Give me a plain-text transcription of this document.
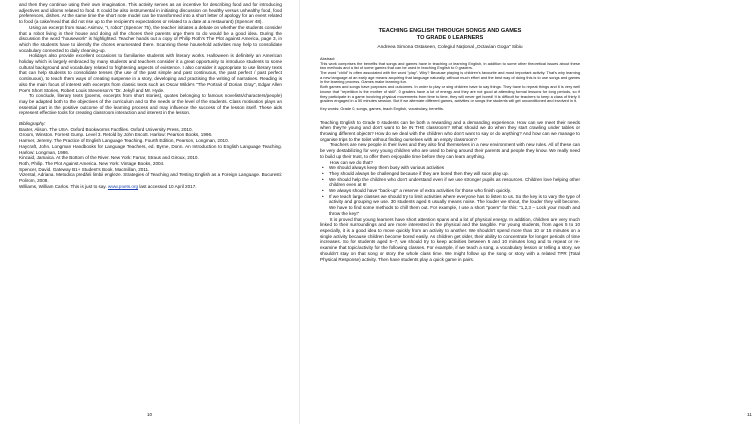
and then they continue using their own imagination. This activity serves as an incentive for describing food and for introducing adjectives and idioms related to food. It could be also instrumental in initiating discussion on healthy versus unhealthy food, food preferences, dishes. At the same time the short note model can be transformed into a short letter of apology for an event related to food (a cake/meal that did not rise up to the recipient's expectations or related to a date at a restaurant) (Spencer 48).

Using an excerpt from Isaac Asimov, "I, robot" (Spencer 75), the teacher initiates a debate on whether the students consider that a robot living in their house and doing all the chores their parents urge them to do would be a good idea. During the discussion the word "housework" is highlighted. Teacher hands out a copy of Philip Roth's The Plot against America, page 3, in which the students have to identify the chores enumerated there. Scanning these household activities may help to consolidate vocabulary connected to daily cleaning-up.

Holidays also provide excellent occasions to familiarise students with literary works. Halloween is definitely an American holiday which is largely embraced by many students and teachers consider it a great opportunity to introduce students to some cultural background and vocabulary related to frightening aspects of existence. I also consider it appropriate to use literary texts that can help students to consolidate tenses (the use of the past simple and past continuous, the past perfect / past perfect continuous), to teach them ways of creating suspense in a story, developing and practising the writing of narratives. Reading is also the main focus of interest with excerpts from classic texts such as Oscar Wilde's "The Portrait of Dorian Gray", Edgar Allen Poe's Short Stories, Robert Louis Stevenson's "Dr. Jekyll and Mr. Hyde.

To conclude, literary texts (poems, excerpts from short stories), quotes belonging to famous novelists/characters/people) may be adapted both to the objectives of the curriculum and to the needs or the level of the students. Class motivation plays an essential part in the positive outcome of the learning process and may influence the success of the lesson itself. These aids represent effective tools for creating classroom interaction and interest in the lesson.

Bibliography:

Baxter, Alison. The USA. Oxford Bookworms Factfiles. Oxford University Press, 2010.

Groom, Winston. Forrest Gump. Level 3. Retold by John Escott. Harlow: Pearson Books, 1996.

Harmer, Jeremy. The Practice of English Language Teaching. Fourth Edition, Pearson, Longman, 2010.

Haycraft, John. Longman Handbooks for Language Teachers, ed. Byrne, Donn. An Introduction to English Language Teaching. Harlow: Longman, 1986.

Kincaid, Jamaica. At the Bottom of the River. New York: Farrar, Straus and Giroux, 2010.

Roth, Philip. The Plot Against America. New York: Vintage Books, 2004.

Spencer, David. Gateway B1+ Student's Book. Macmillan, 2011.

Vizental, Adriana. Metodica predării limbii engleze. Strategies of Teaching and Testing English as a Foreign Language. Bucuresti: Polirom, 2008.

Williams, William Carlos. This is just to say. www.poets.org last accessed 10 April 2017.

10

TEACHING ENGLISH THROUGH SONGS AND GAMES

TO GRADE 0 LEARNERS

Andreea Simona Ostaseen, Colegiul Național „Octavian Goga" Sibiu

Abstract:

This work comprises the benefits that songs and games have in teaching or learning English, in addition to some other theoretical issues about these two methods and a list of some games that can be used in teaching English to 0 graders.

The word "child" is often associated with the word "play". Why? Because playing is children's favourite and most important activity. That's why learning a new language at an early age means acquiring that language naturally, without much effort and the best way of doing this is to use songs and games in the learning process. Games make learning fun.

Both games and songs have purposes and outcomes. In order to play or sing children have to say things. They have to repeat things and it is very well known that "repetition is the mother of skill". 0 graders have a lot of energy and they are not good at attending formal lessons for long periods, so if they participate in a game involving physical movements from time to time, they will never get bored! It is difficult for teachers to keep a class of thirty 0 graders engaged in a 50 minutes session. But if we alternate different games, activities or songs the students will get unconditioned and involved in it.

Key words: Grade 0, songs, games, teach English, vocabulary, benefits.

Teaching English to Grade 0 students can be both a rewarding and a demanding experience. How can we meet their needs when they're young and don't want to be IN THE classroom? What should we do when they start crawling under tables or throwing different objects? How do we deal with the children who don't want to say or do anything? And how can we manage to organise trips to the toilet without finding ourselves with an empty classroom?

Teachers are new people in their lives and they also find themselves in a new environment with new rules. All of these can be very destabilizing for very young children who are used to being around their parents and people they know. We really need to build up their trust, to offer them enjoyable time before they can learn anything.

How can we do that?

• We should always keep them busy with various activities
• They should always be challenged because if they are bored then they will soon play up.
• We should help the children who don't understand even if we use stronger pupils as resources. Children love helping other children even at 6!
• We always should have "back-up" a reserve of extra activities for those who finish quickly.
• If we teach large classes we should try to limit activities where everyone has to listen to us. So the key is to vary the type of activity and grouping we use. 30 students aged 6 usually means noise. The louder we shout, the louder they will become. We have to find some methods to chill them out. For example, I use a short "poem" for this: "1,2,3 – Lock your mouth and throw the key!"

It is proved that young learners have short attention spans and a lot of physical energy. In addition, children are very much linked to their surroundings and are more interested in the physical and the tangible. For young students, from ages 5 to 10 especially, it is a good idea to move quickly from an activity to another. We shouldn't spend more than 10 or 15 minutes on a single activity because children become bored easily. As children get older, their ability to concentrate for longer periods of time increases. So for students aged 5–7, we should try to keep activities between 5 and 10 minutes long and to repeat or re-examine that topic/activity for the following classes. For example, if we teach a song, a vocabulary lesson or telling a story, we shouldn't stay on that song or story the whole class time. We might follow up the song or story with a related TPR (Total Physical Response) activity. Then have students play a quick game in pairs.

11
